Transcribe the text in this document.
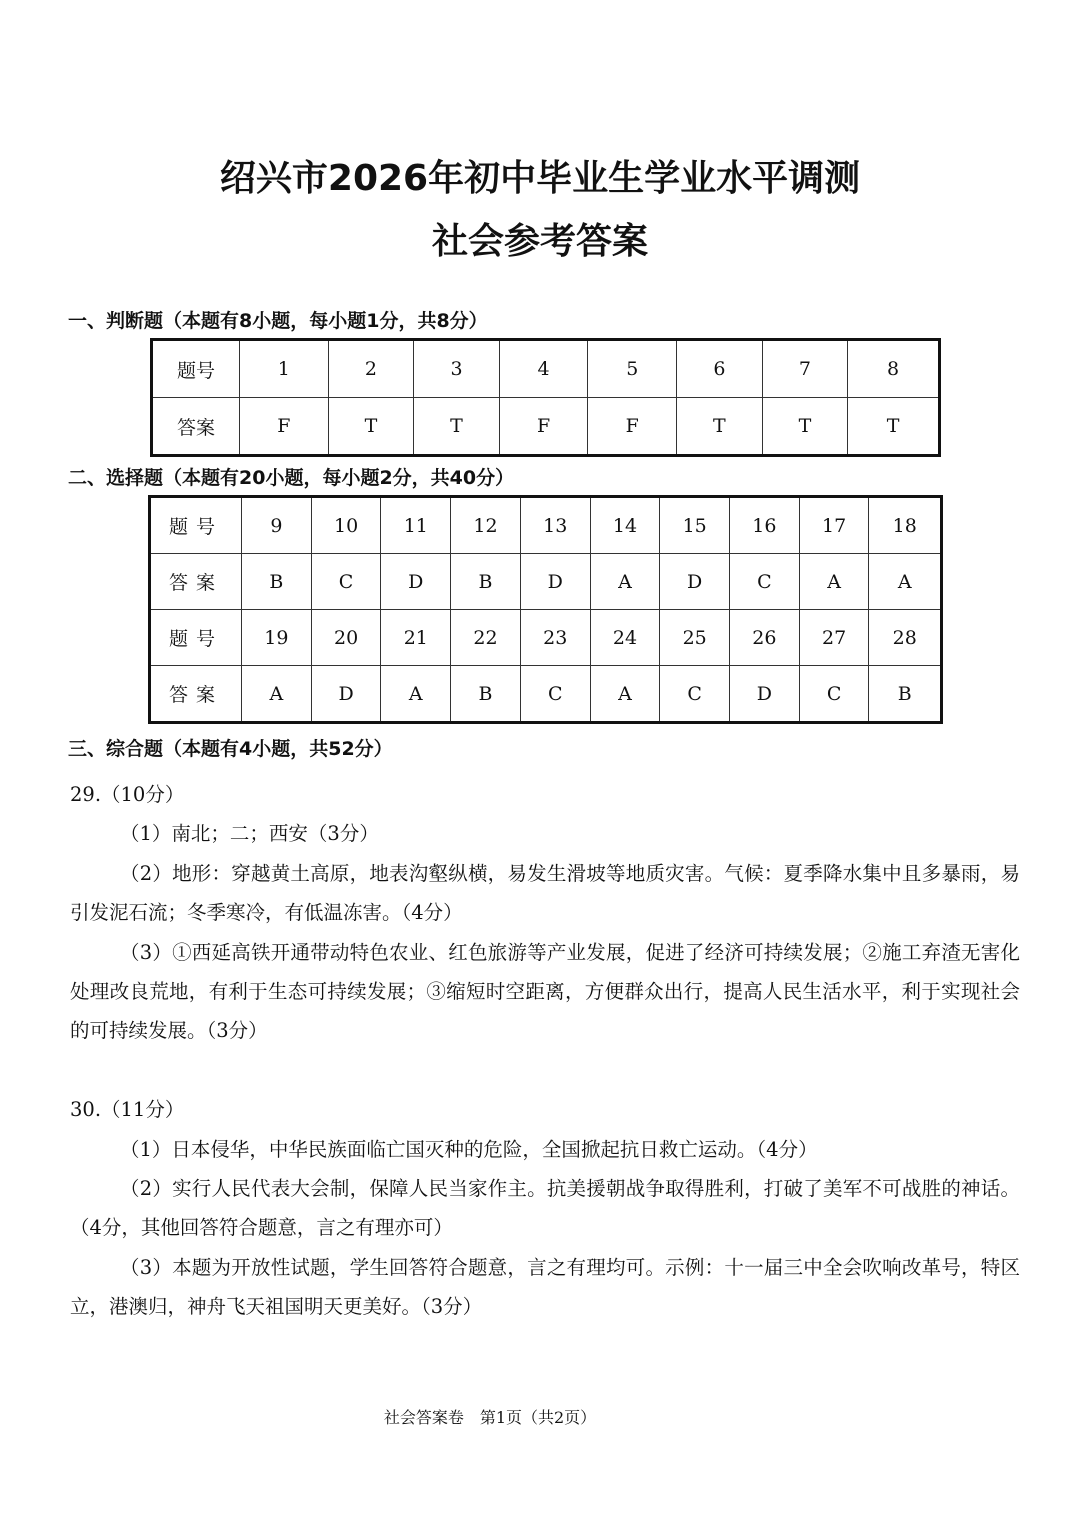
绍兴市2026年初中毕业生学业水平调测
社会参考答案
一、判断题（本题有8小题，每小题1分，共8分）
题号	1	2	3	4	5	6	7	8
答案	F	T	T	F	F	T	T	T
二、选择题（本题有20小题，每小题2分，共40分）
题号	9	10	11	12	13	14	15	16	17	18
答案	B	C	D	B	D	A	D	C	A	A
题号	19	20	21	22	23	24	25	26	27	28
答案	A	D	A	B	C	A	C	D	C	B
三、综合题（本题有4小题，共52分）

29.（10分）

（1）南北；二；西安（3分）

（2）地形：穿越黄土高原，地表沟壑纵横，易发生滑坡等地质灾害。气候：夏季降水集中且多暴雨，易引发泥石流；冬季寒冷，有低温冻害。（4分）

（3）①西延高铁开通带动特色农业、红色旅游等产业发展，促进了经济可持续发展；②施工弃渣无害化处理改良荒地，有利于生态可持续发展；③缩短时空距离，方便群众出行，提高人民生活水平，利于实现社会的可持续发展。（3分）

30.（11分）

（1）日本侵华，中华民族面临亡国灭种的危险，全国掀起抗日救亡运动。（4分）

（2）实行人民代表大会制，保障人民当家作主。抗美援朝战争取得胜利，打破了美军不可战胜的神话。（4分，其他回答符合题意，言之有理亦可）

（3）本题为开放性试题，学生回答符合题意，言之有理均可。示例：十一届三中全会吹响改革号，特区立，港澳归，神舟飞天祖国明天更美好。（3分）

社会答案卷　第1页（共2页）
